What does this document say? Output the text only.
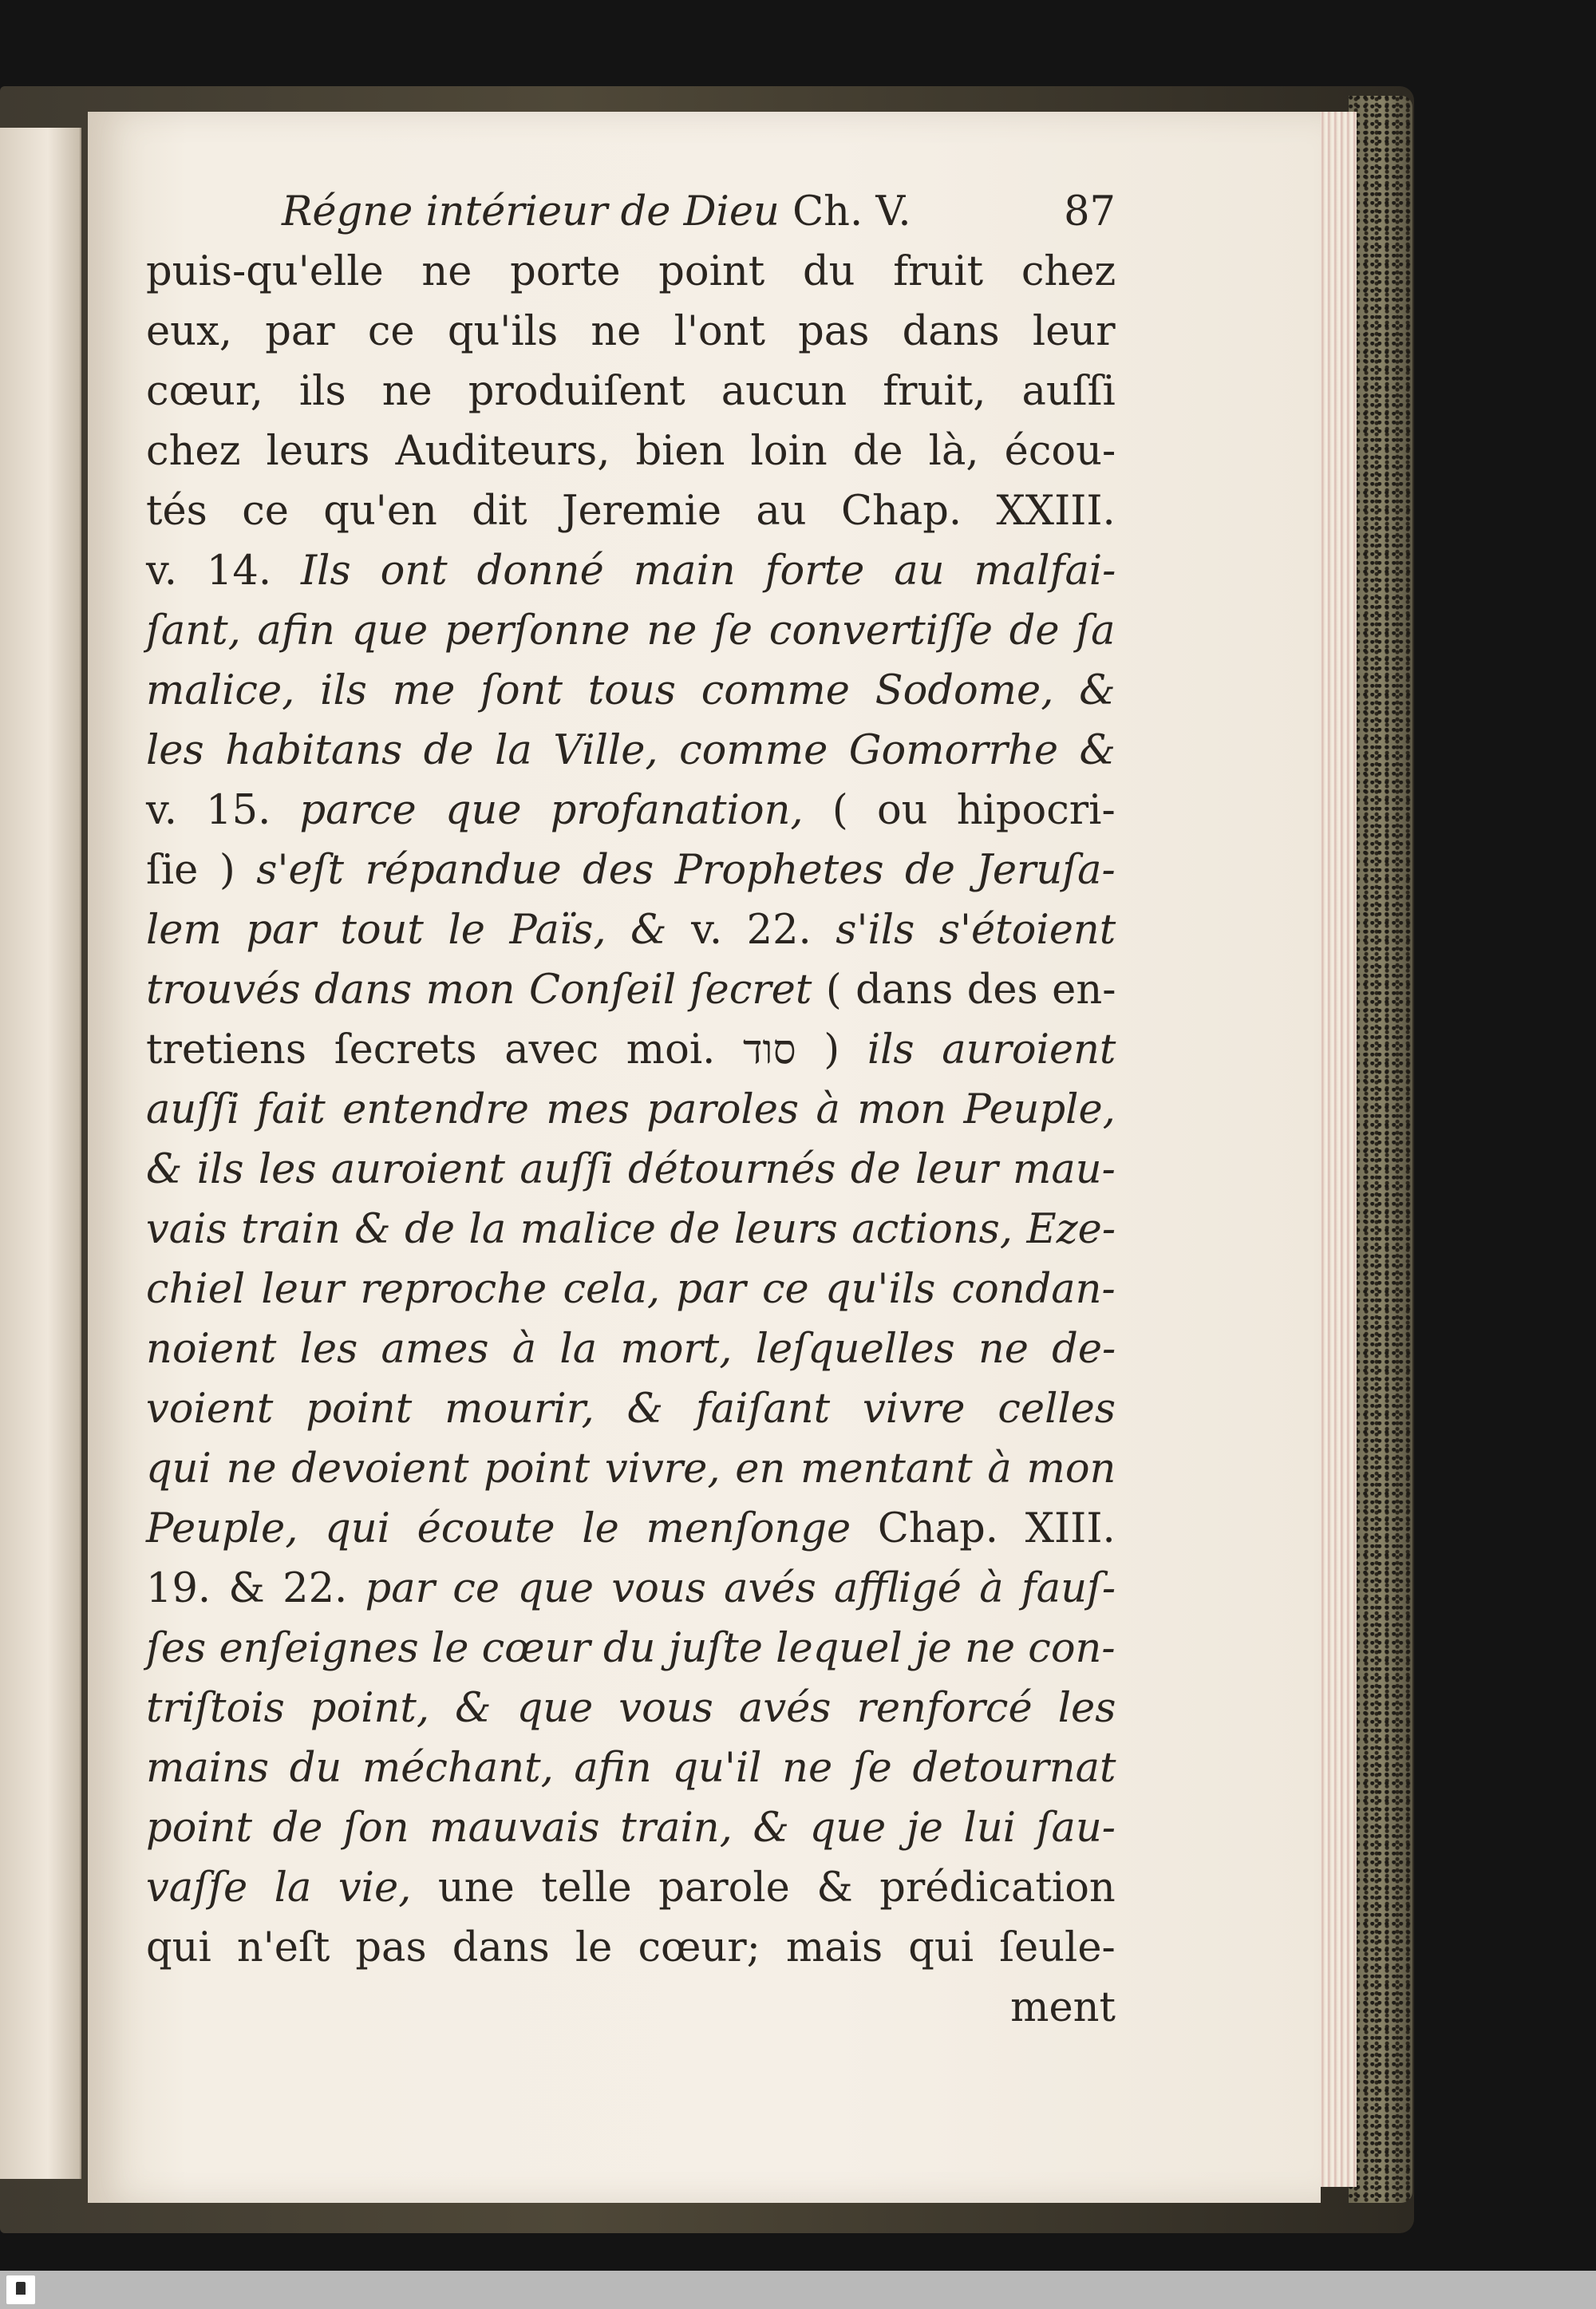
Régne intérieur de Dieu Ch. V.	87
puis-qu'elle ne porte point du fruit chez
eux, par ce qu'ils ne l'ont pas dans leur
cœur, ils ne produiſent aucun fruit, auſſi
chez leurs Auditeurs, bien loin de là, écou-
tés ce qu'en dit Jeremie au Chap. XXIII.
v. 14. Ils ont donné main forte au malfai-
ſant, afin que perſonne ne ſe convertiſſe de ſa
malice, ils me ſont tous comme Sodome, &
les habitans de la Ville, comme Gomorrhe &
v. 15. parce que profanation, ( ou hipocri-
ſie ) s'eſt répandue des Prophetes de Jeruſa-
lem par tout le Païs, & v. 22. s'ils s'étoient
trouvés dans mon Conſeil ſecret ( dans des en-
tretiens ſecrets avec moi. סוד ) ils auroient
auſſi fait entendre mes paroles à mon Peuple,
& ils les auroient auſſi détournés de leur mau-
vais train & de la malice de leurs actions, Eze-
chiel leur reproche cela, par ce qu'ils condan-
noient les ames à la mort, leſquelles ne de-
voient point mourir, & faiſant vivre celles
qui ne devoient point vivre, en mentant à mon
Peuple, qui écoute le menſonge Chap. XIII.
19. & 22. par ce que vous avés affligé à fauſ-
ſes enſeignes le cœur du juſte lequel je ne con-
triſtois point, & que vous avés renforcé les
mains du méchant, afin qu'il ne ſe detournat
point de ſon mauvais train, & que je lui ſau-
vaſſe la vie, une telle parole & prédication
qui n'eſt pas dans le cœur; mais qui ſeule-
ment
